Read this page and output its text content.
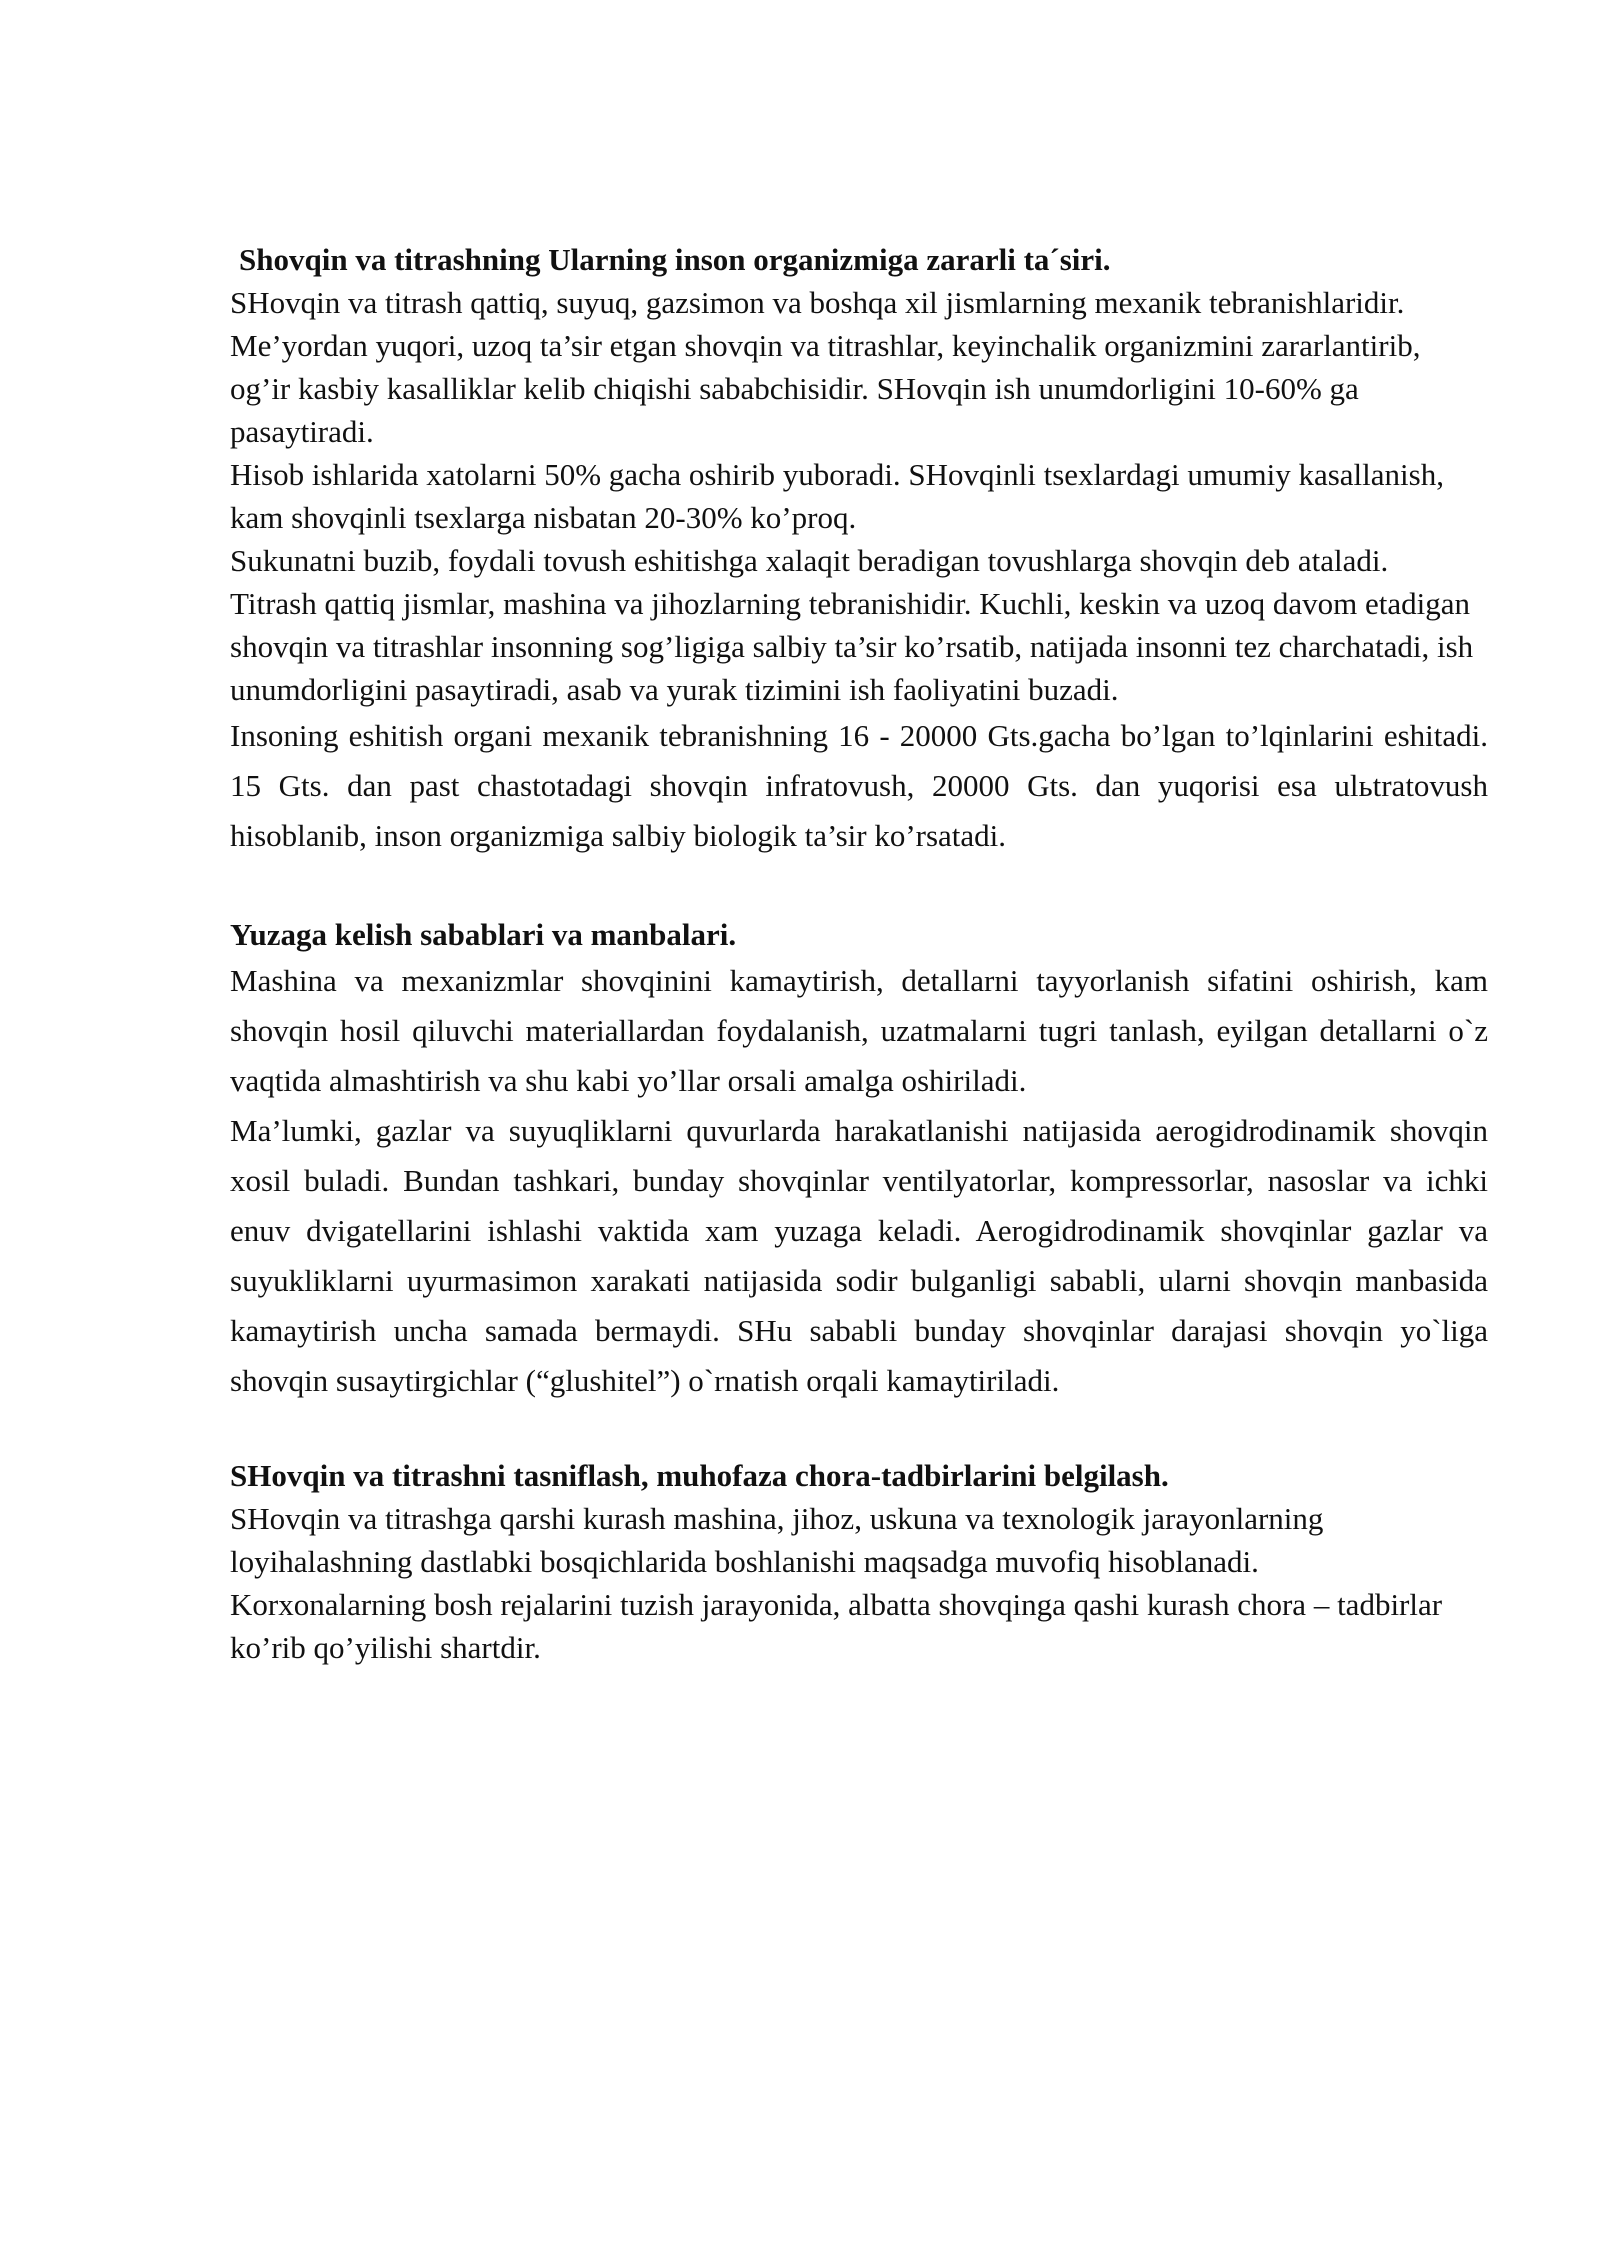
Shovqin va titrashning Ularning inson organizmiga zararli ta´siri.

SHovqin va titrash qattiq, suyuq, gazsimon va boshqa xil jismlarning mexanik tebranishlaridir.

Me’yordan yuqori, uzoq ta’sir etgan shovqin va titrashlar, keyinchalik organizmini zararlantirib, og’ir kasbiy kasalliklar kelib chiqishi sababchisidir. SHovqin ish unumdorligini 10-60% ga pasaytiradi.

Hisob ishlarida xatolarni 50% gacha oshirib yuboradi. SHovqinli tsexlardagi umumiy kasallanish, kam shovqinli tsexlarga nisbatan 20-30% ko’proq.

Sukunatni buzib, foydali tovush eshitishga xalaqit beradigan tovushlarga shovqin deb ataladi.

Titrash qattiq jismlar, mashina va jihozlarning tebranishidir. Kuchli, keskin va uzoq davom etadigan shovqin va titrashlar insonning sog’ligiga salbiy ta’sir ko’rsatib, natijada insonni tez charchatadi, ish unumdorligini pasaytiradi, asab va yurak tizimini ish faoliyatini buzadi.

Insoning eshitish organi mexanik tebranishning 16 - 20000 Gts.gacha bo’lgan to’lqinlarini eshitadi. 15 Gts. dan past chastotadagi shovqin infratovush, 20000 Gts. dan yuqorisi esa ulьtratovush hisoblanib, inson organizmiga salbiy biologik ta’sir ko’rsatadi.

Yuzaga kelish sabablari va manbalari.

Mashina va mexanizmlar shovqinini kamaytirish, detallarni tayyorlanish sifatini oshirish, kam shovqin hosil qiluvchi materiallardan foydalanish, uzatmalarni tugri tanlash, eyilgan detallarni o`z vaqtida almashtirish va shu kabi yo’llar orsali amalga oshiriladi.

Ma’lumki, gazlar va suyuqliklarni quvurlarda harakatlanishi natijasida aerogidrodinamik shovqin xosil buladi. Bundan tashkari, bunday shovqinlar ventilyatorlar, kompressorlar, nasoslar va ichki enuv dvigatellarini ishlashi vaktida xam yuzaga keladi. Aerogidrodinamik shovqinlar gazlar va suyukliklarni uyurmasimon xarakati natijasida sodir bulganligi sababli, ularni shovqin manbasida kamaytirish uncha samada bermaydi. SHu sababli bunday shovqinlar darajasi shovqin yo`liga shovqin susaytirgichlar (“glushitel”) o`rnatish orqali kamaytiriladi.

SHovqin va titrashni tasniflash, muhofaza chora-tadbirlarini belgilash.

SHovqin va titrashga qarshi kurash mashina, jihoz, uskuna va texnologik jarayonlarning loyihalashning dastlabki bosqichlarida boshlanishi maqsadga muvofiq hisoblanadi.

Korxonalarning bosh rejalarini tuzish jarayonida, albatta shovqinga qashi kurash chora – tadbirlar ko’rib qo’yilishi shartdir.
